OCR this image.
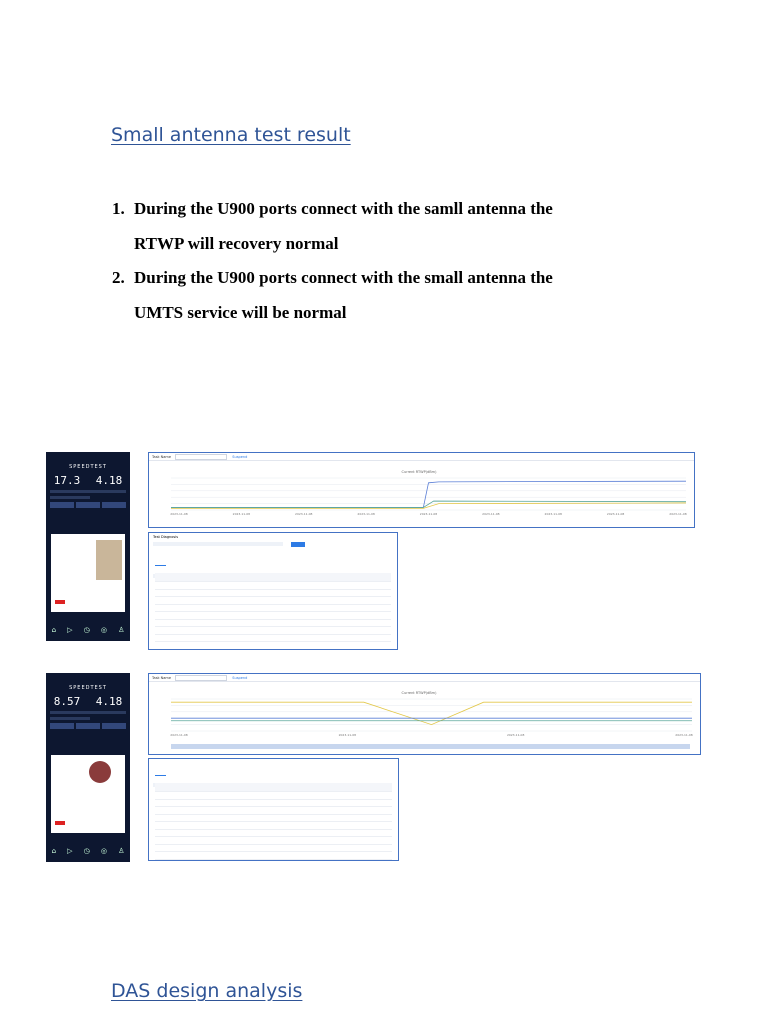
Small antenna test result
1. During the U900 ports connect with the samll antenna the
RTWP will recovery normal
2. During the U900 ports connect with the small antenna the
UMTS service will be normal
SPEEDTEST
17.3 4.18
⌂ ▷ ◷ ◎ ♙
Task Name	Suspend
Current RTWP(dBm)
2023-11-08	2023-11-08	2023-11-08	2023-11-08	2023-11-08	2023-11-08	2023-11-08	2023-11-08	2023-11-08
Test Diagnosis

SPEEDTEST
8.57 4.18
⌂ ▷ ◷ ◎ ♙
Task Name	Suspend
Current RTWP(dBm)
2023-11-08	2023-11-08	2023-11-08	2023-11-08

DAS design analysis
